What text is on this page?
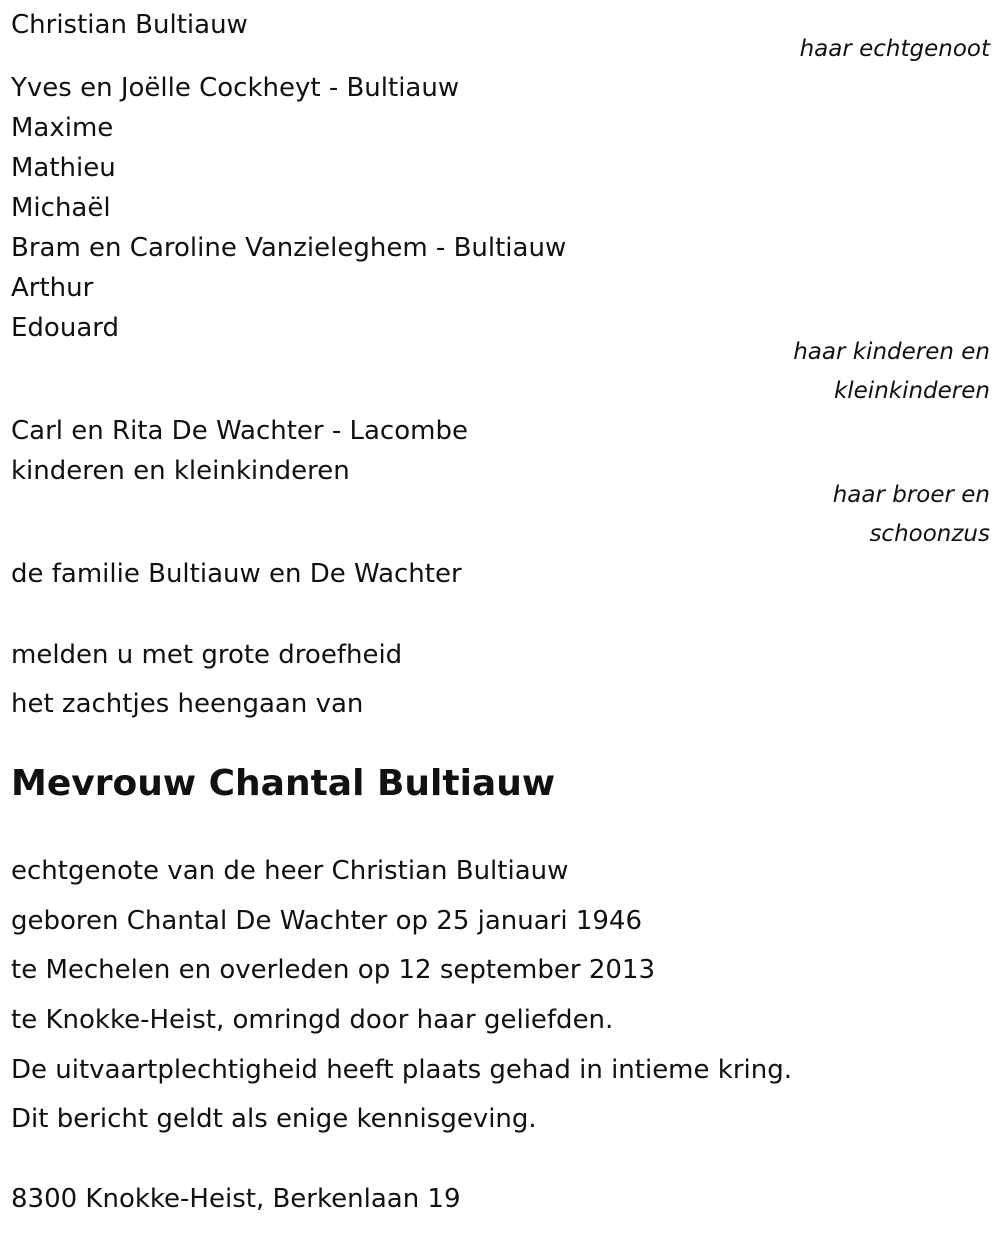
Christian Bultiauw
haar echtgenoot
Yves en Joëlle Cockheyt - Bultiauw
Maxime
Mathieu
Michaël
Bram en Caroline Vanzieleghem - Bultiauw
Arthur
Edouard
haar kinderen en
kleinkinderen
Carl en Rita De Wachter - Lacombe
kinderen en kleinkinderen
haar broer en
schoonzus
de familie Bultiauw en De Wachter
melden u met grote droefheid
het zachtjes heengaan van
Mevrouw Chantal Bultiauw
echtgenote van de heer Christian Bultiauw
geboren Chantal De Wachter op 25 januari 1946
te Mechelen en overleden op 12 september 2013
te Knokke-Heist, omringd door haar geliefden.
De uitvaartplechtigheid heeft plaats gehad in intieme kring.
Dit bericht geldt als enige kennisgeving.
8300 Knokke-Heist, Berkenlaan 19
